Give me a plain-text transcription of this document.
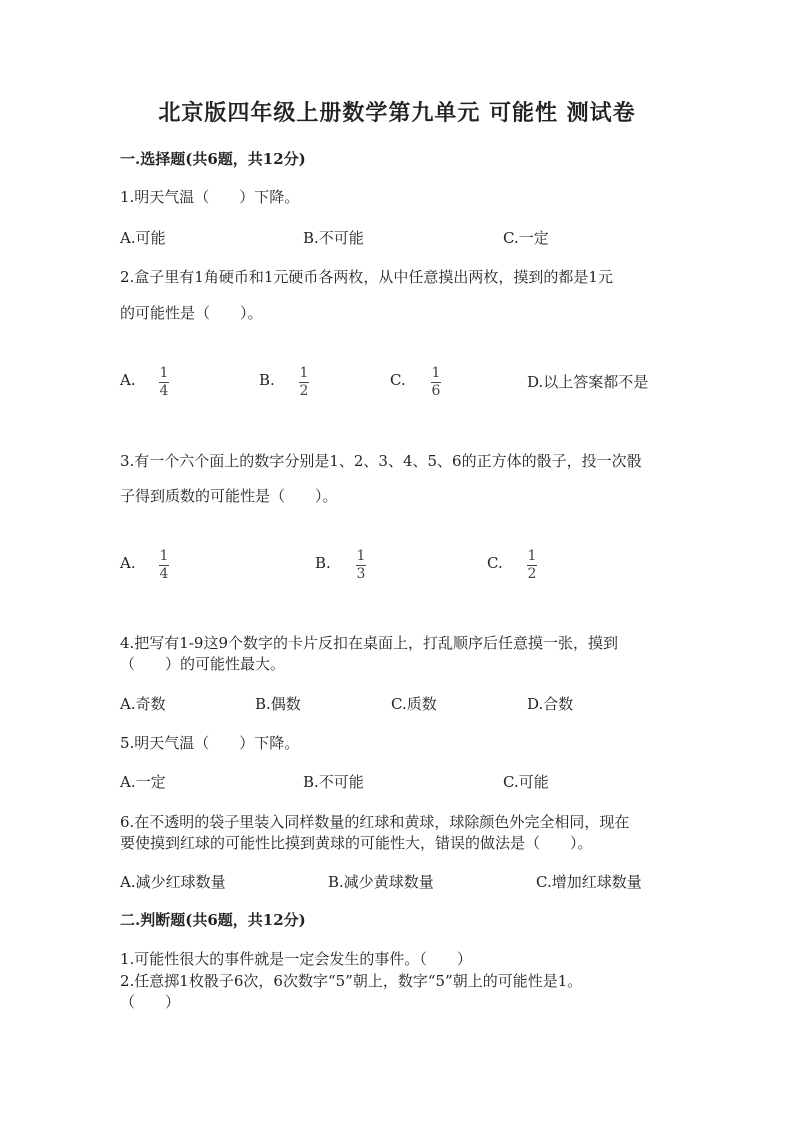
北京版四年级上册数学第九单元 可能性 测试卷
一.选择题(共6题，共12分)
1.明天气温（　　）下降。
A.可能	B.不可能	C.一定
2.盒子里有1角硬币和1元硬币各两枚，从中任意摸出两枚，摸到的都是1元
的可能性是（　　）。
A. 1
4
B. 1
2
C. 1
6	D.以上答案都不是
3.有一个六个面上的数字分别是1、2、3、4、5、6的正方体的骰子，投一次骰
子得到质数的可能性是（　　）。
A. 1
4
B. 1
3
C. 1
2
4.把写有1-9这9个数字的卡片反扣在桌面上，打乱顺序后任意摸一张，摸到
（　　）的可能性最大。
A.奇数	B.偶数	C.质数	D.合数
5.明天气温（　　）下降。
A.一定	B.不可能	C.可能
6.在不透明的袋子里装入同样数量的红球和黄球，球除颜色外完全相同，现在
要使摸到红球的可能性比摸到黄球的可能性大，错误的做法是（　　）。
A.减少红球数量	B.减少黄球数量	C.增加红球数量
二.判断题(共6题，共12分)
1.可能性很大的事件就是一定会发生的事件。（　　）
2.任意掷1枚骰子6次，6次数字“5”朝上，数字“5”朝上的可能性是1。
（　　）
